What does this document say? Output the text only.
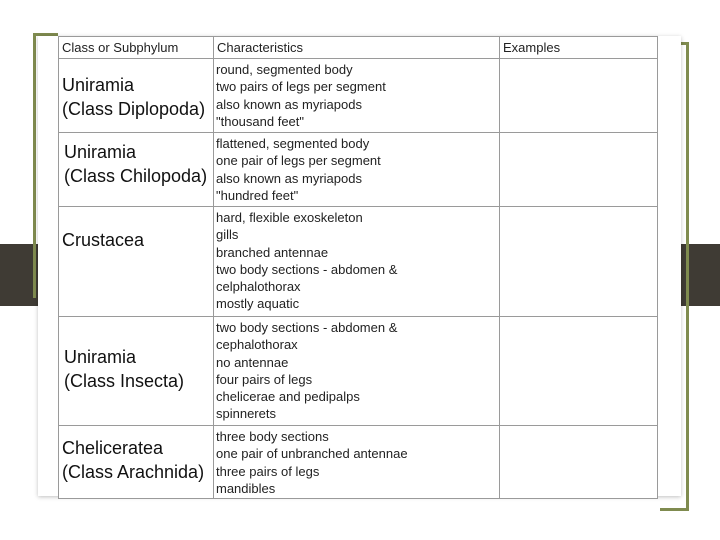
Class or Subphylum	Characteristics	Examples
Uniramia
(Class Diplopoda)
round, segmented body
two pairs of legs per segment
also known as myriapods
"thousand feet"
Uniramia
(Class Chilopoda)
flattened, segmented body
one pair of legs per segment
also known as myriapods
"hundred feet"
Crustacea
hard, flexible exoskeleton
gills
branched antennae
two body sections - abdomen &
celphalothorax
mostly aquatic
Uniramia
(Class Insecta)
two body sections - abdomen &
cephalothorax
no antennae
four pairs of legs
chelicerae and pedipalps
spinnerets
Cheliceratea
(Class Arachnida)
three body sections
one pair of unbranched antennae
three pairs of legs
mandibles
